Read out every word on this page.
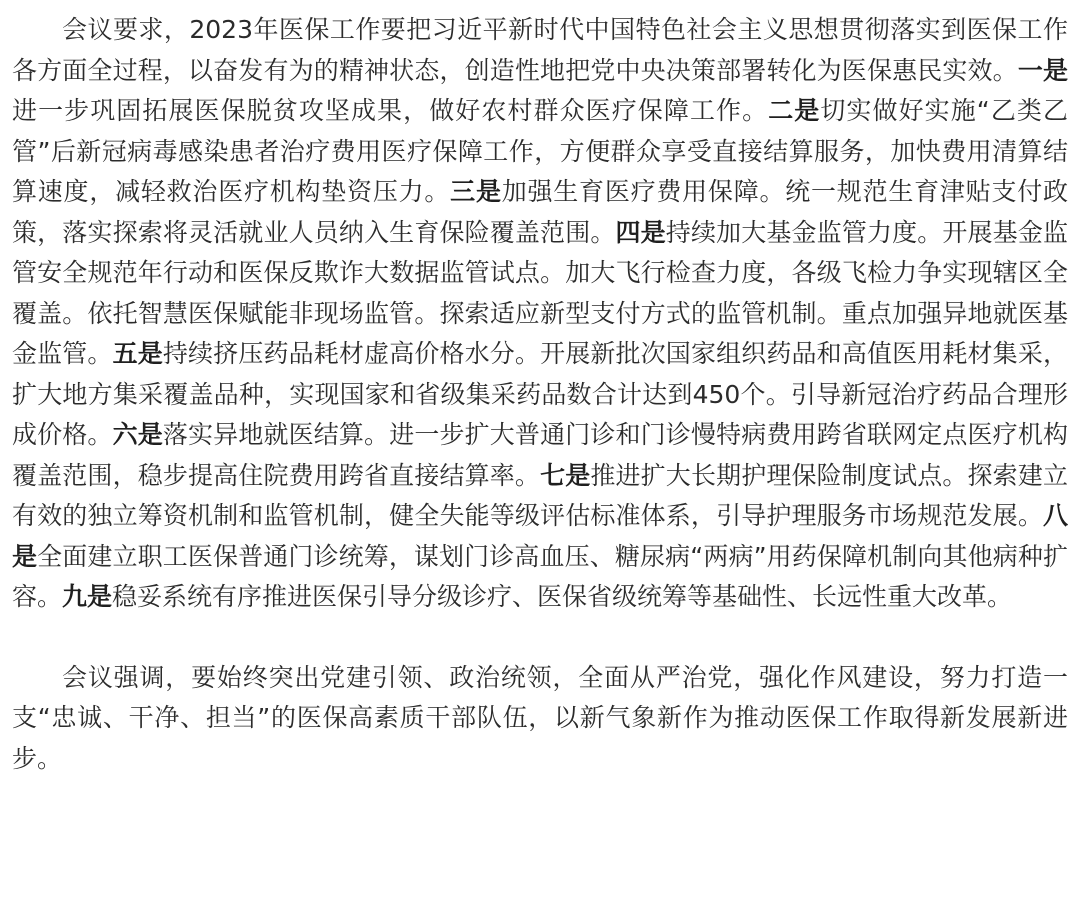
会议要求，2023年医保工作要把习近平新时代中国特色社会主义思想贯彻落实到医保工作各方面全过程，以奋发有为的精神状态，创造性地把党中央决策部署转化为医保惠民实效。一是进一步巩固拓展医保脱贫攻坚成果，做好农村群众医疗保障工作。二是切实做好实施“乙类乙管”后新冠病毒感染患者治疗费用医疗保障工作，方便群众享受直接结算服务，加快费用清算结算速度，减轻救治医疗机构垫资压力。三是加强生育医疗费用保障。统一规范生育津贴支付政策，落实探索将灵活就业人员纳入生育保险覆盖范围。四是持续加大基金监管力度。开展基金监管安全规范年行动和医保反欺诈大数据监管试点。加大飞行检查力度，各级飞检力争实现辖区全覆盖。依托智慧医保赋能非现场监管。探索适应新型支付方式的监管机制。重点加强异地就医基金监管。五是持续挤压药品耗材虚高价格水分。开展新批次国家组织药品和高值医用耗材集采，扩大地方集采覆盖品种，实现国家和省级集采药品数合计达到450个。引导新冠治疗药品合理形成价格。六是落实异地就医结算。进一步扩大普通门诊和门诊慢特病费用跨省联网定点医疗机构覆盖范围，稳步提高住院费用跨省直接结算率。七是推进扩大长期护理保险制度试点。探索建立有效的独立筹资机制和监管机制，健全失能等级评估标准体系，引导护理服务市场规范发展。八是全面建立职工医保普通门诊统筹，谋划门诊高血压、糖尿病“两病”用药保障机制向其他病种扩容。九是稳妥系统有序推进医保引导分级诊疗、医保省级统筹等基础性、长远性重大改革。

会议强调，要始终突出党建引领、政治统领，全面从严治党，强化作风建设，努力打造一支“忠诚、干净、担当”的医保高素质干部队伍，以新气象新作为推动医保工作取得新发展新进步。
